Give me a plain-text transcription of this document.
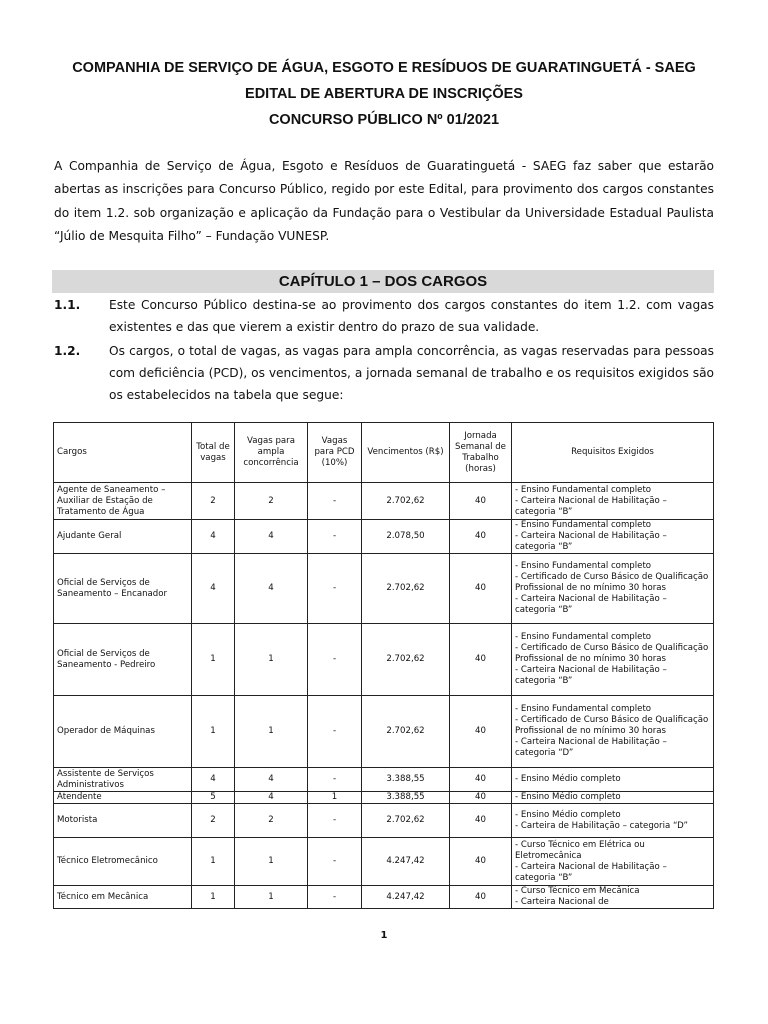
COMPANHIA DE SERVIÇO DE ÁGUA, ESGOTO E RESÍDUOS DE GUARATINGUETÁ - SAEG
EDITAL DE ABERTURA DE INSCRIÇÕES
CONCURSO PÚBLICO Nº 01/2021
A Companhia de Serviço de Água, Esgoto e Resíduos de Guaratinguetá - SAEG faz saber que estarão abertas as inscrições para Concurso Público, regido por este Edital, para provimento dos cargos constantes do item 1.2. sob organização e aplicação da Fundação para o Vestibular da Universidade Estadual Paulista “Júlio de Mesquita Filho” – Fundação VUNESP.
CAPÍTULO 1 – DOS CARGOS
1.1. Este Concurso Público destina-se ao provimento dos cargos constantes do item 1.2. com vagas existentes e das que vierem a existir dentro do prazo de sua validade.
1.2. Os cargos, o total de vagas, as vagas para ampla concorrência, as vagas reservadas para pessoas com deficiência (PCD), os vencimentos, a jornada semanal de trabalho e os requisitos exigidos são os estabelecidos na tabela que segue:
Cargos	Total de vagas	Vagas para ampla concorrência	Vagas para PCD (10%)	Vencimentos (R$)	Jornada Semanal de Trabalho (horas)	Requisitos Exigidos
Agente de Saneamento – Auxiliar de Estação de Tratamento de Água	2	2	-	2.702,62	40	- Ensino Fundamental completo
- Carteira Nacional de Habilitação – categoria “B”

Ajudante Geral	4	4	-	2.078,50	40	- Ensino Fundamental completo
- Carteira Nacional de Habilitação – categoria “B”

Oficial de Serviços de Saneamento – Encanador	4	4	-	2.702,62	40	- Ensino Fundamental completo
- Certificado de Curso Básico de Qualificação Profissional de no mínimo 30 horas
- Carteira Nacional de Habilitação – categoria “B”

Oficial de Serviços de Saneamento - Pedreiro	1	1	-	2.702,62	40	- Ensino Fundamental completo
- Certificado de Curso Básico de Qualificação Profissional de no mínimo 30 horas
- Carteira Nacional de Habilitação – categoria “B”

Operador de Máquinas	1	1	-	2.702,62	40	- Ensino Fundamental completo
- Certificado de Curso Básico de Qualificação Profissional de no mínimo 30 horas
- Carteira Nacional de Habilitação – categoria “D”

Assistente de Serviços Administrativos	4	4	-	3.388,55	40	- Ensino Médio completo

Atendente	5	4	1	3.388,55	40	- Ensino Médio completo

Motorista	2	2	-	2.702,62	40	- Ensino Médio completo
- Carteira de Habilitação – categoria “D”

Técnico Eletromecânico	1	1	-	4.247,42	40	- Curso Técnico em Elétrica ou Eletromecânica
- Carteira Nacional de Habilitação – categoria “B”

Técnico em Mecânica	1	1	-	4.247,42	40	- Curso Técnico em Mecânica
- Carteira Nacional de
1
